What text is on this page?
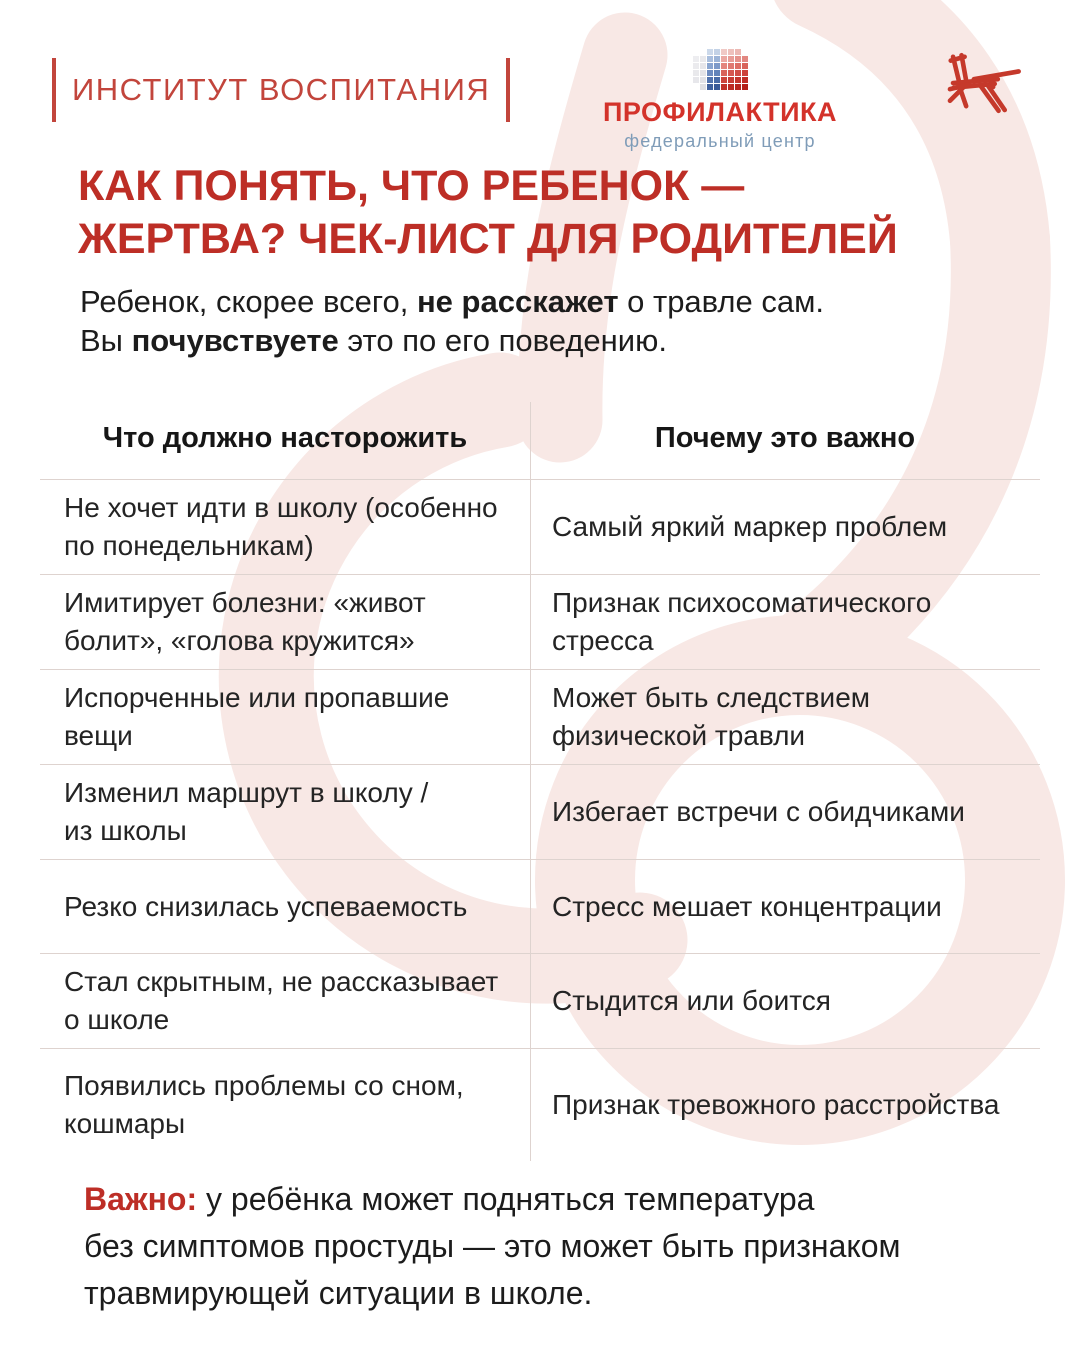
ИНСТИТУТ ВОСПИТАНИЯ
ПРОФИЛАКТИКА
федеральный центр
КАК ПОНЯТЬ, ЧТО РЕБЕНОК —
ЖЕРТВА? ЧЕК-ЛИСТ ДЛЯ РОДИТЕЛЕЙ

Ребенок, скорее всего, не расскажет о травле сам.
Вы почувствуете это по его поведению.

Что должно насторожить	Почему это важно
Не хочет идти в школу (особенно
по понедельникам)
Самый яркий маркер проблем
Имитирует болезни: «живот
болит», «голова кружится»
Признак психосоматического
стресса
Испорченные или пропавшие
вещи
Может быть следствием
физической травли
Изменил маршрут в школу /
из школы
Избегает встречи с обидчиками
Резко снизилась успеваемость	Стресс мешает концентрации
Стал скрытным, не рассказывает
о школе
Стыдится или боится
Появились проблемы со сном,
кошмары
Признак тревожного расстройства

Важно: у ребёнка может подняться температура
без симптомов простуды — это может быть признаком
травмирующей ситуации в школе.
